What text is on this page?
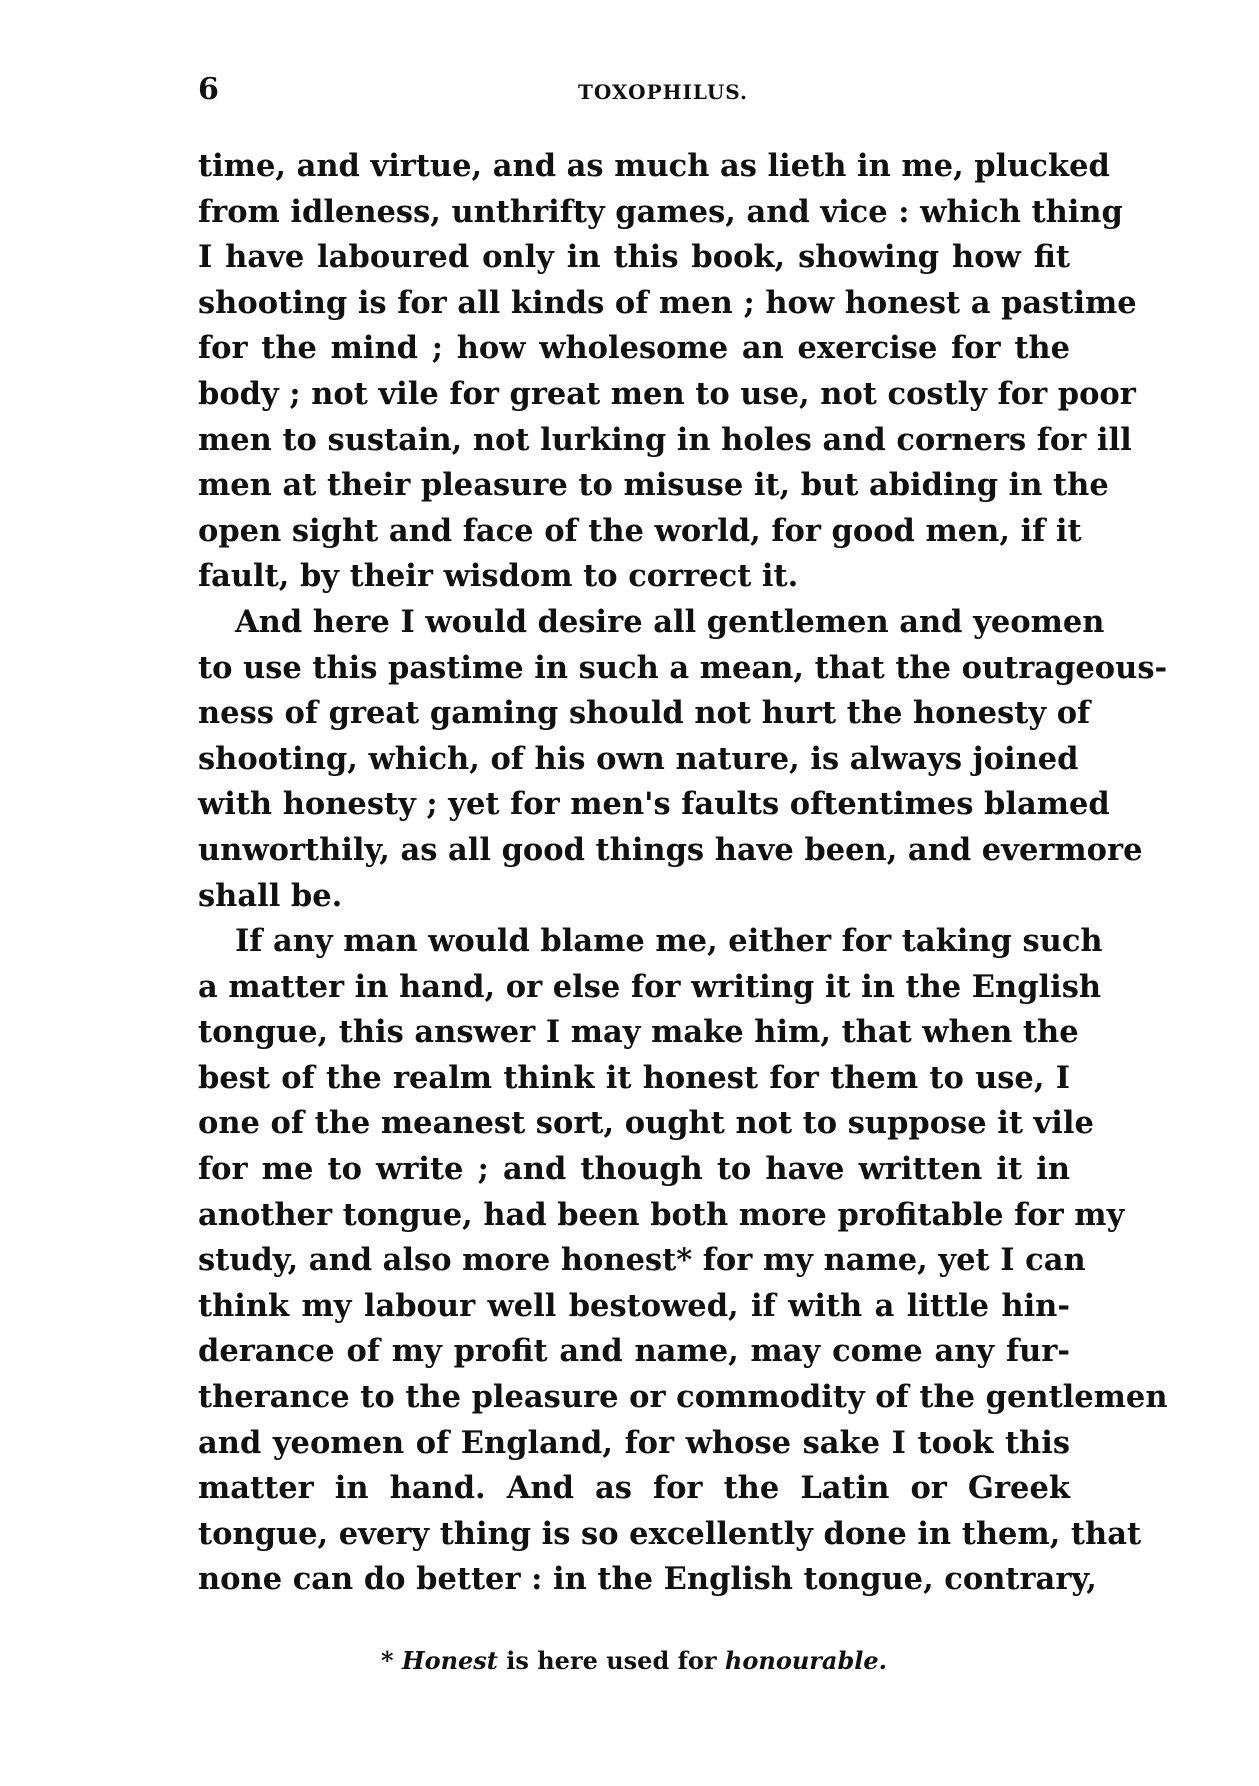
6	TOXOPHILUS.
time, and virtue, and as much as lieth in me, plucked
from idleness, unthrifty games, and vice : which thing
I have laboured only in this book, showing how fit
shooting is for all kinds of men ; how honest a pastime
for the mind ; how wholesome an exercise for the
body ; not vile for great men to use, not costly for poor
men to sustain, not lurking in holes and corners for ill
men at their pleasure to misuse it, but abiding in the
open sight and face of the world, for good men, if it
fault, by their wisdom to correct it.
And here I would desire all gentlemen and yeomen
to use this pastime in such a mean, that the outrageous-
ness of great gaming should not hurt the honesty of
shooting, which, of his own nature, is always joined
with honesty ; yet for men's faults oftentimes blamed
unworthily, as all good things have been, and evermore
shall be.
If any man would blame me, either for taking such
a matter in hand, or else for writing it in the English
tongue, this answer I may make him, that when the
best of the realm think it honest for them to use, I
one of the meanest sort, ought not to suppose it vile
for me to write ; and though to have written it in
another tongue, had been both more profitable for my
study, and also more honest* for my name, yet I can
think my labour well bestowed, if with a little hin-
derance of my profit and name, may come any fur-
therance to the pleasure or commodity of the gentlemen
and yeomen of England, for whose sake I took this
matter in hand. And as for the Latin or Greek
tongue, every thing is so excellently done in them, that
none can do better : in the English tongue, contrary,
* Honest is here used for honourable.
